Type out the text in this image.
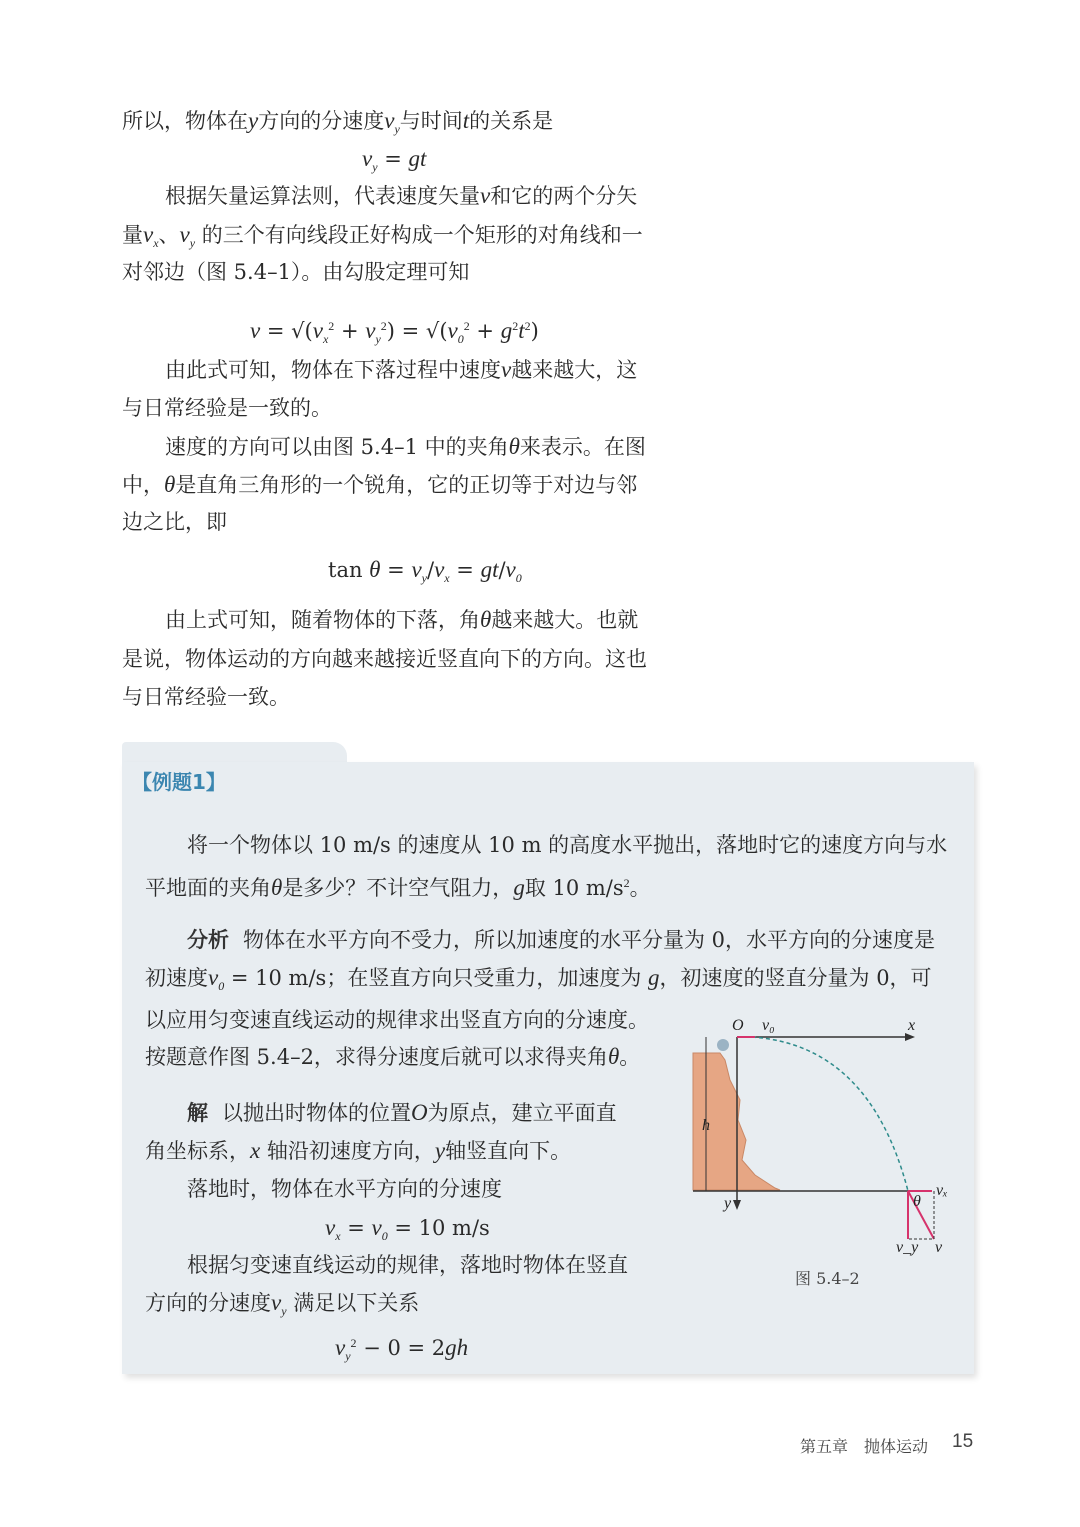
【例题1】
所以，物体在y方向的分速度$v_y$与时间t的关系是
$v_y$ = gt
根据矢量运算法则，代表速度矢量v和它的两个分矢
量$v_x$、$v_y$ 的三个有向线段正好构成一个矩形的对角线和一
对邻边（图 5.4–1）。由勾股定理可知
$v = √(v_x^2 + v_y^2) = √(v_0^2 + g^2t^2)$
由此式可知，物体在下落过程中速度v越来越大，这
与日常经验是一致的。
速度的方向可以由图 5.4–1 中的夹角θ来表示。在图
中，θ是直角三角形的一个锐角，它的正切等于对边与邻
边之比，即
$\tan \theta = v_y/v_x = gt/v_0$
由上式可知，随着物体的下落，角θ越来越大。也就
是说，物体运动的方向越来越接近竖直向下的方向。这也
与日常经验一致。
将一个物体以 10 m/s 的速度从 10 m 的高度水平抛出，落地时它的速度方向与水
平地面的夹角θ是多少？不计空气阻力，g取 10 $m/s^2$。
分析 物体在水平方向不受力，所以加速度的水平分量为 0，水平方向的分速度是
初速度$v_0 = 10$ m/s；在竖直方向只受重力，加速度为 g，初速度的竖直分量为 0，可
以应用匀变速直线运动的规律求出竖直方向的分速度。
按题意作图 5.4–2，求得分速度后就可以求得夹角θ。
解 以抛出时物体的位置O为原点，建立平面直
角坐标系，x 轴沿初速度方向，y轴竖直向下。
落地时，物体在水平方向的分速度
$v_x = v_0 = 10$ m/s
根据匀变速直线运动的规律，落地时物体在竖直
方向的分速度$v_y$ 满足以下关系
$v_y^2 - 0 = 2gh$
O v₀	x
y
h
θ
vₓ
v_y v
图 5.4–2
第五章　抛体运动 15
